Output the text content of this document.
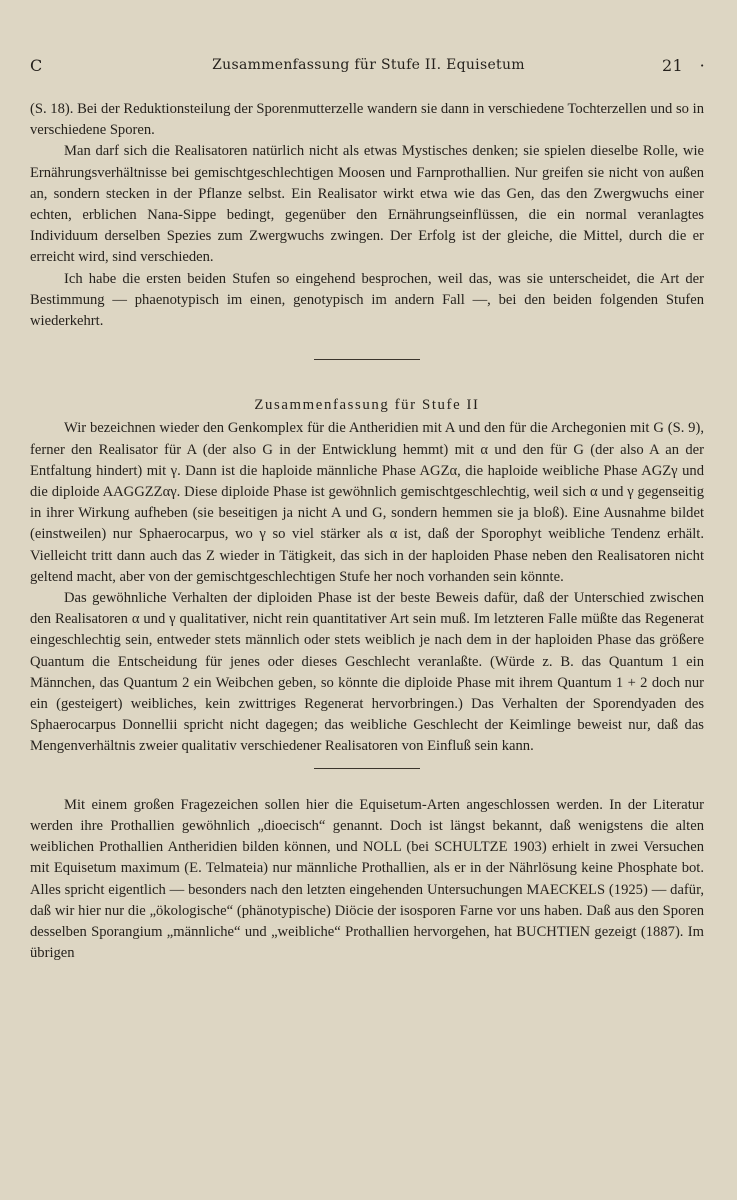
C	Zusammenfassung für Stufe II. Equisetum	21 ·

(S. 18). Bei der Reduktionsteilung der Sporenmutterzelle wandern sie dann in verschiedene Tochterzellen und so in verschiedene Sporen.

Man darf sich die Realisatoren natürlich nicht als etwas Mystisches denken; sie spielen dieselbe Rolle, wie Ernährungsverhältnisse bei gemischtgeschlechtigen Moosen und Farnprothallien. Nur greifen sie nicht von außen an, sondern stecken in der Pflanze selbst. Ein Realisator wirkt etwa wie das Gen, das den Zwergwuchs einer echten, erblichen Nana-Sippe bedingt, gegenüber den Ernährungseinflüssen, die ein normal veranlagtes Individuum derselben Spezies zum Zwergwuchs zwingen. Der Erfolg ist der gleiche, die Mittel, durch die er erreicht wird, sind verschieden.

Ich habe die ersten beiden Stufen so eingehend besprochen, weil das, was sie unterscheidet, die Art der Bestimmung — phaenotypisch im einen, genotypisch im andern Fall —, bei den beiden folgenden Stufen wiederkehrt.

Zusammenfassung für Stufe II

Wir bezeichnen wieder den Genkomplex für die Antheridien mit A und den für die Archegonien mit G (S. 9), ferner den Realisator für A (der also G in der Entwicklung hemmt) mit α und den für G (der also A an der Entfaltung hindert) mit γ. Dann ist die haploide männliche Phase AGZα, die haploide weibliche Phase AGZγ und die diploide AAGGZZαγ. Diese diploide Phase ist gewöhnlich gemischtgeschlechtig, weil sich α und γ gegenseitig in ihrer Wirkung aufheben (sie beseitigen ja nicht A und G, sondern hemmen sie ja bloß). Eine Ausnahme bildet (einstweilen) nur Sphaerocarpus, wo γ so viel stärker als α ist, daß der Sporophyt weibliche Tendenz erhält. Vielleicht tritt dann auch das Z wieder in Tätigkeit, das sich in der haploiden Phase neben den Realisatoren nicht geltend macht, aber von der gemischtgeschlechtigen Stufe her noch vorhanden sein könnte.

Das gewöhnliche Verhalten der diploiden Phase ist der beste Beweis dafür, daß der Unterschied zwischen den Realisatoren α und γ qualitativer, nicht rein quantitativer Art sein muß. Im letzteren Falle müßte das Regenerat eingeschlechtig sein, entweder stets männlich oder stets weiblich je nach dem in der haploiden Phase das größere Quantum die Entscheidung für jenes oder dieses Geschlecht veranlaßte. (Würde z. B. das Quantum 1 ein Männchen, das Quantum 2 ein Weibchen geben, so könnte die diploide Phase mit ihrem Quantum 1 + 2 doch nur ein (gesteigert) weibliches, kein zwittriges Regenerat hervorbringen.) Das Verhalten der Sporendyaden des Sphaerocarpus Donnellii spricht nicht dagegen; das weibliche Geschlecht der Keimlinge beweist nur, daß das Mengenverhältnis zweier qualitativ verschiedener Realisatoren von Einfluß sein kann.

Mit einem großen Fragezeichen sollen hier die Equisetum-Arten angeschlossen werden. In der Literatur werden ihre Prothallien gewöhnlich „dioecisch“ genannt. Doch ist längst bekannt, daß wenigstens die alten weiblichen Prothallien Antheridien bilden können, und NOLL (bei SCHULTZE 1903) erhielt in zwei Versuchen mit Equisetum maximum (E. Telmateia) nur männliche Prothallien, als er in der Nährlösung keine Phosphate bot. Alles spricht eigentlich — besonders nach den letzten eingehenden Untersuchungen MAECKELS (1925) — dafür, daß wir hier nur die „ökologische“ (phänotypische) Diöcie der isosporen Farne vor uns haben. Daß aus den Sporen desselben Sporangium „männliche“ und „weibliche“ Prothallien hervorgehen, hat BUCHTIEN gezeigt (1887). Im übrigen
